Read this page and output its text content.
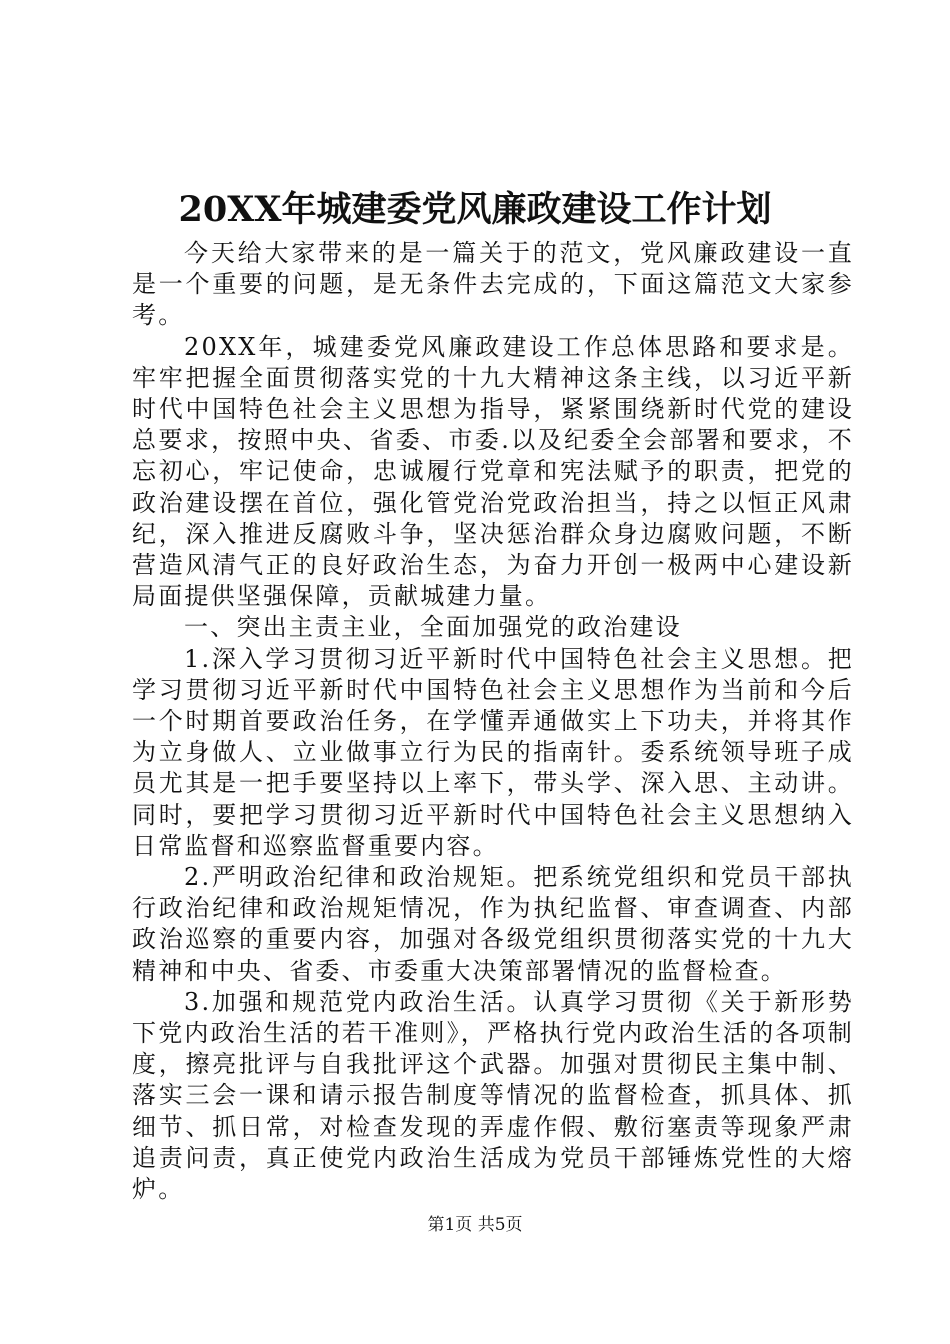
20XX年城建委党风廉政建设工作计划

今天给大家带来的是一篇关于的范文，党风廉政建设一直是一个重要的问题，是无条件去完成的，下面这篇范文大家参考。

20XX年，城建委党风廉政建设工作总体思路和要求是。牢牢把握全面贯彻落实党的十九大精神这条主线，以习近平新时代中国特色社会主义思想为指导，紧紧围绕新时代党的建设总要求，按照中央、省委、市委.以及纪委全会部署和要求，不忘初心，牢记使命，忠诚履行党章和宪法赋予的职责，把党的政治建设摆在首位，强化管党治党政治担当，持之以恒正风肃纪，深入推进反腐败斗争，坚决惩治群众身边腐败问题，不断营造风清气正的良好政治生态，为奋力开创一极两中心建设新局面提供坚强保障，贡献城建力量。

一、突出主责主业，全面加强党的政治建设

1.深入学习贯彻习近平新时代中国特色社会主义思想。把学习贯彻习近平新时代中国特色社会主义思想作为当前和今后一个时期首要政治任务，在学懂弄通做实上下功夫，并将其作为立身做人、立业做事立行为民的指南针。委系统领导班子成员尤其是一把手要坚持以上率下，带头学、深入思、主动讲。同时，要把学习贯彻习近平新时代中国特色社会主义思想纳入日常监督和巡察监督重要内容。

2.严明政治纪律和政治规矩。把系统党组织和党员干部执行政治纪律和政治规矩情况，作为执纪监督、审查调查、内部政治巡察的重要内容，加强对各级党组织贯彻落实党的十九大精神和中央、省委、市委重大决策部署情况的监督检查。

3.加强和规范党内政治生活。认真学习贯彻《关于新形势下党内政治生活的若干准则》，严格执行党内政治生活的各项制度，擦亮批评与自我批评这个武器。加强对贯彻民主集中制、落实三会一课和请示报告制度等情况的监督检查，抓具体、抓细节、抓日常，对检查发现的弄虚作假、敷衍塞责等现象严肃追责问责，真正使党内政治生活成为党员干部锤炼党性的大熔炉。

第1页 共5页
